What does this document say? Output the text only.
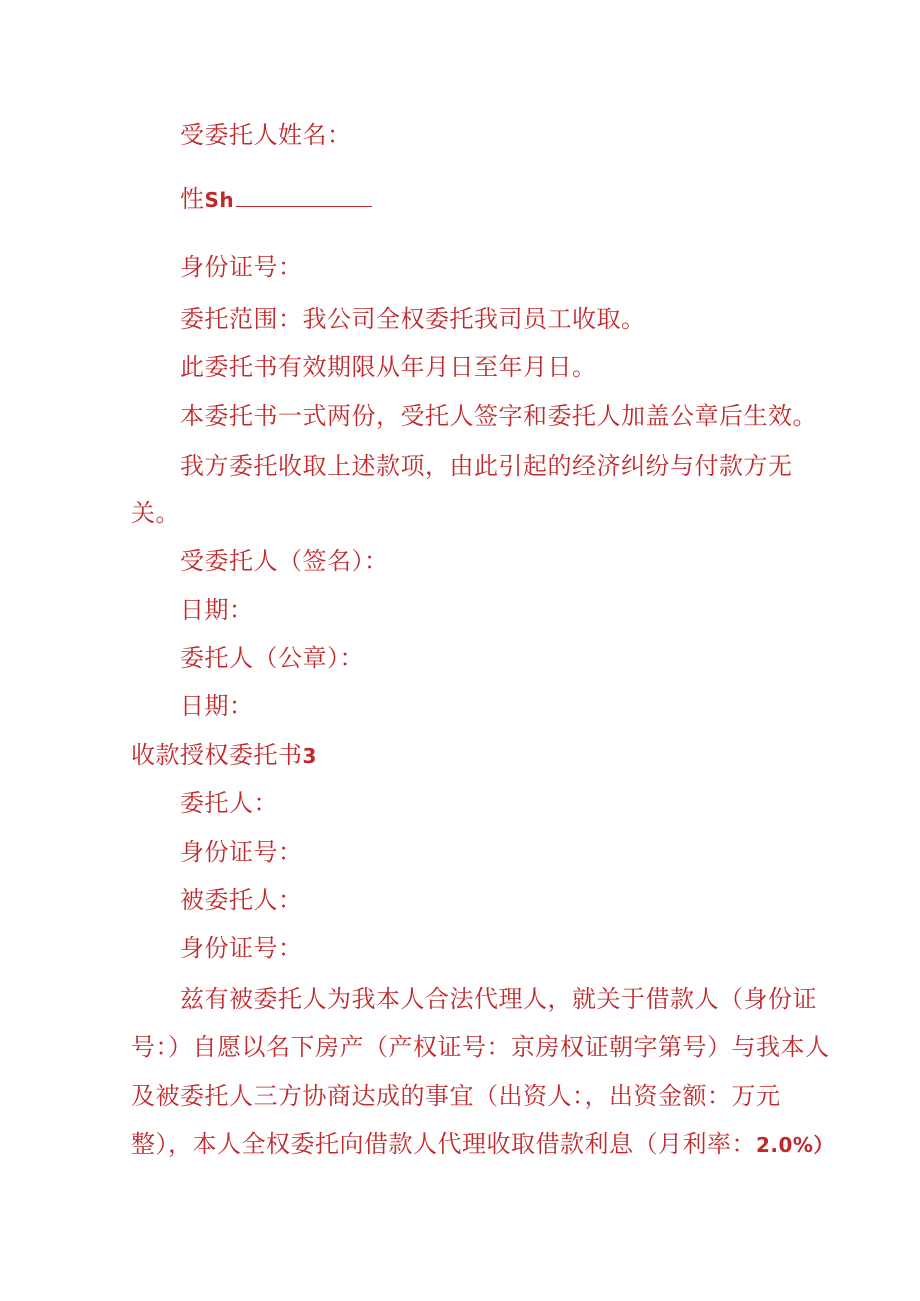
受委托人姓名：
性Sh
身份证号：
委托范围：我公司全权委托我司员工收取。
此委托书有效期限从年月日至年月日。
本委托书一式两份，受托人签字和委托人加盖公章后生效。
我方委托收取上述款项，由此引起的经济纠纷与付款方无
关。
受委托人（签名）：
日期：
委托人（公章）：
日期：
收款授权委托书3
委托人：
身份证号：
被委托人：
身份证号：
兹有被委托人为我本人合法代理人，就关于借款人（身份证
号：）自愿以名下房产（产权证号：京房权证朝字第号）与我本人
及被委托人三方协商达成的事宜（出资人：，出资金额：万元
整），本人全权委托向借款人代理收取借款利息（月利率：2.0%）
